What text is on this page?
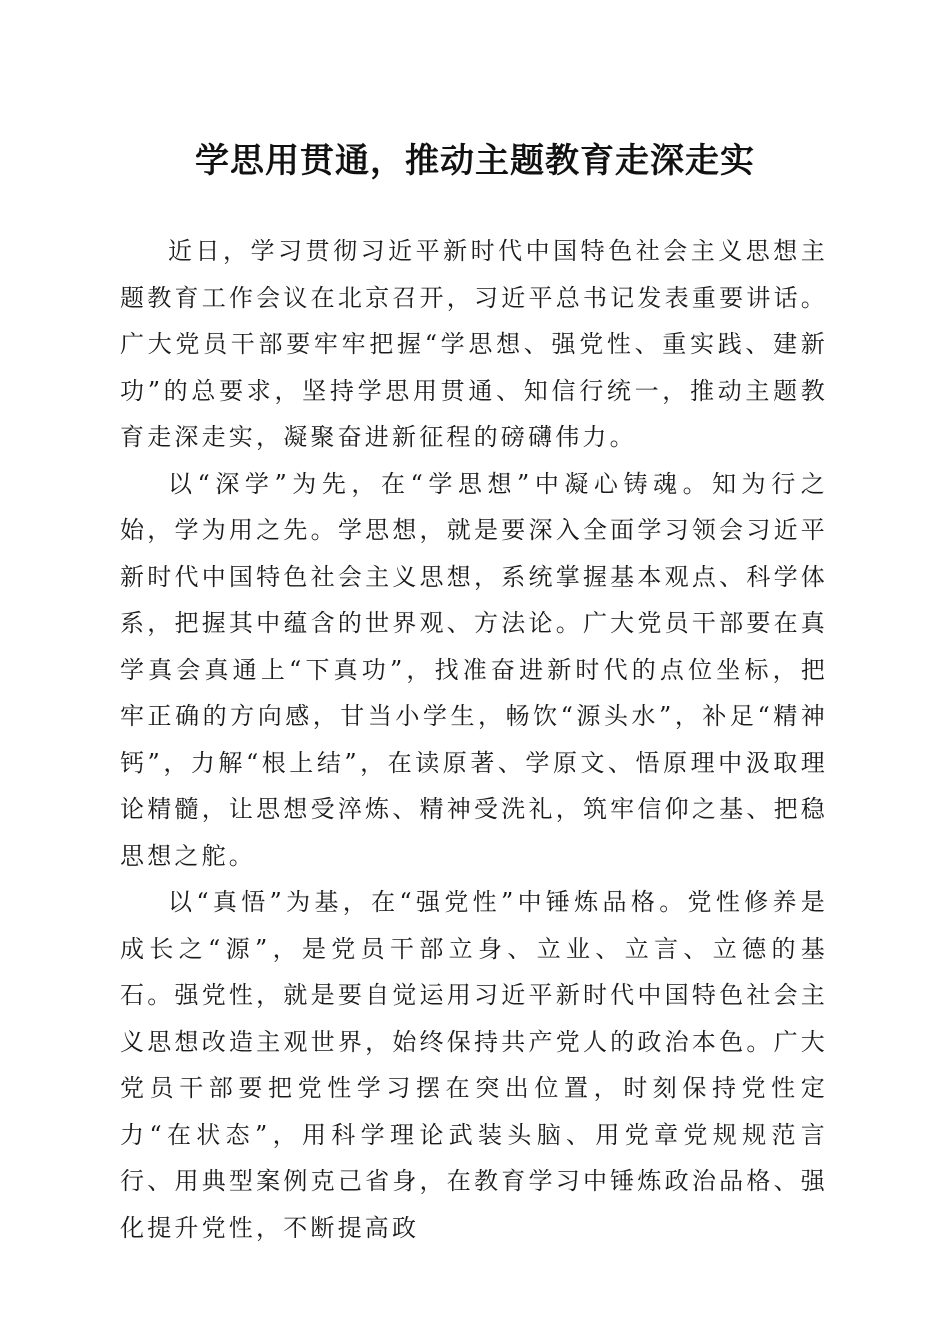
学思用贯通，推动主题教育走深走实

近日，学习贯彻习近平新时代中国特色社会主义思想主题教育工作会议在北京召开，习近平总书记发表重要讲话。广大党员干部要牢牢把握“学思想、强党性、重实践、建新功”的总要求，坚持学思用贯通、知信行统一，推动主题教育走深走实，凝聚奋进新征程的磅礴伟力。

以“深学”为先，在“学思想”中凝心铸魂。知为行之始，学为用之先。学思想，就是要深入全面学习领会习近平新时代中国特色社会主义思想，系统掌握基本观点、科学体系，把握其中蕴含的世界观、方法论。广大党员干部要在真学真会真通上“下真功”，找准奋进新时代的点位坐标，把牢正确的方向感，甘当小学生，畅饮“源头水”，补足“精神钙”，力解“根上结”，在读原著、学原文、悟原理中汲取理论精髓，让思想受淬炼、精神受洗礼，筑牢信仰之基、把稳思想之舵。

以“真悟”为基，在“强党性”中锤炼品格。党性修养是成长之“源”，是党员干部立身、立业、立言、立德的基石。强党性，就是要自觉运用习近平新时代中国特色社会主义思想改造主观世界，始终保持共产党人的政治本色。广大党员干部要把党性学习摆在突出位置，时刻保持党性定力“在状态”，用科学理论武装头脑、用党章党规规范言行、用典型案例克己省身，在教育学习中锤炼政治品格、强化提升党性，不断提高政
